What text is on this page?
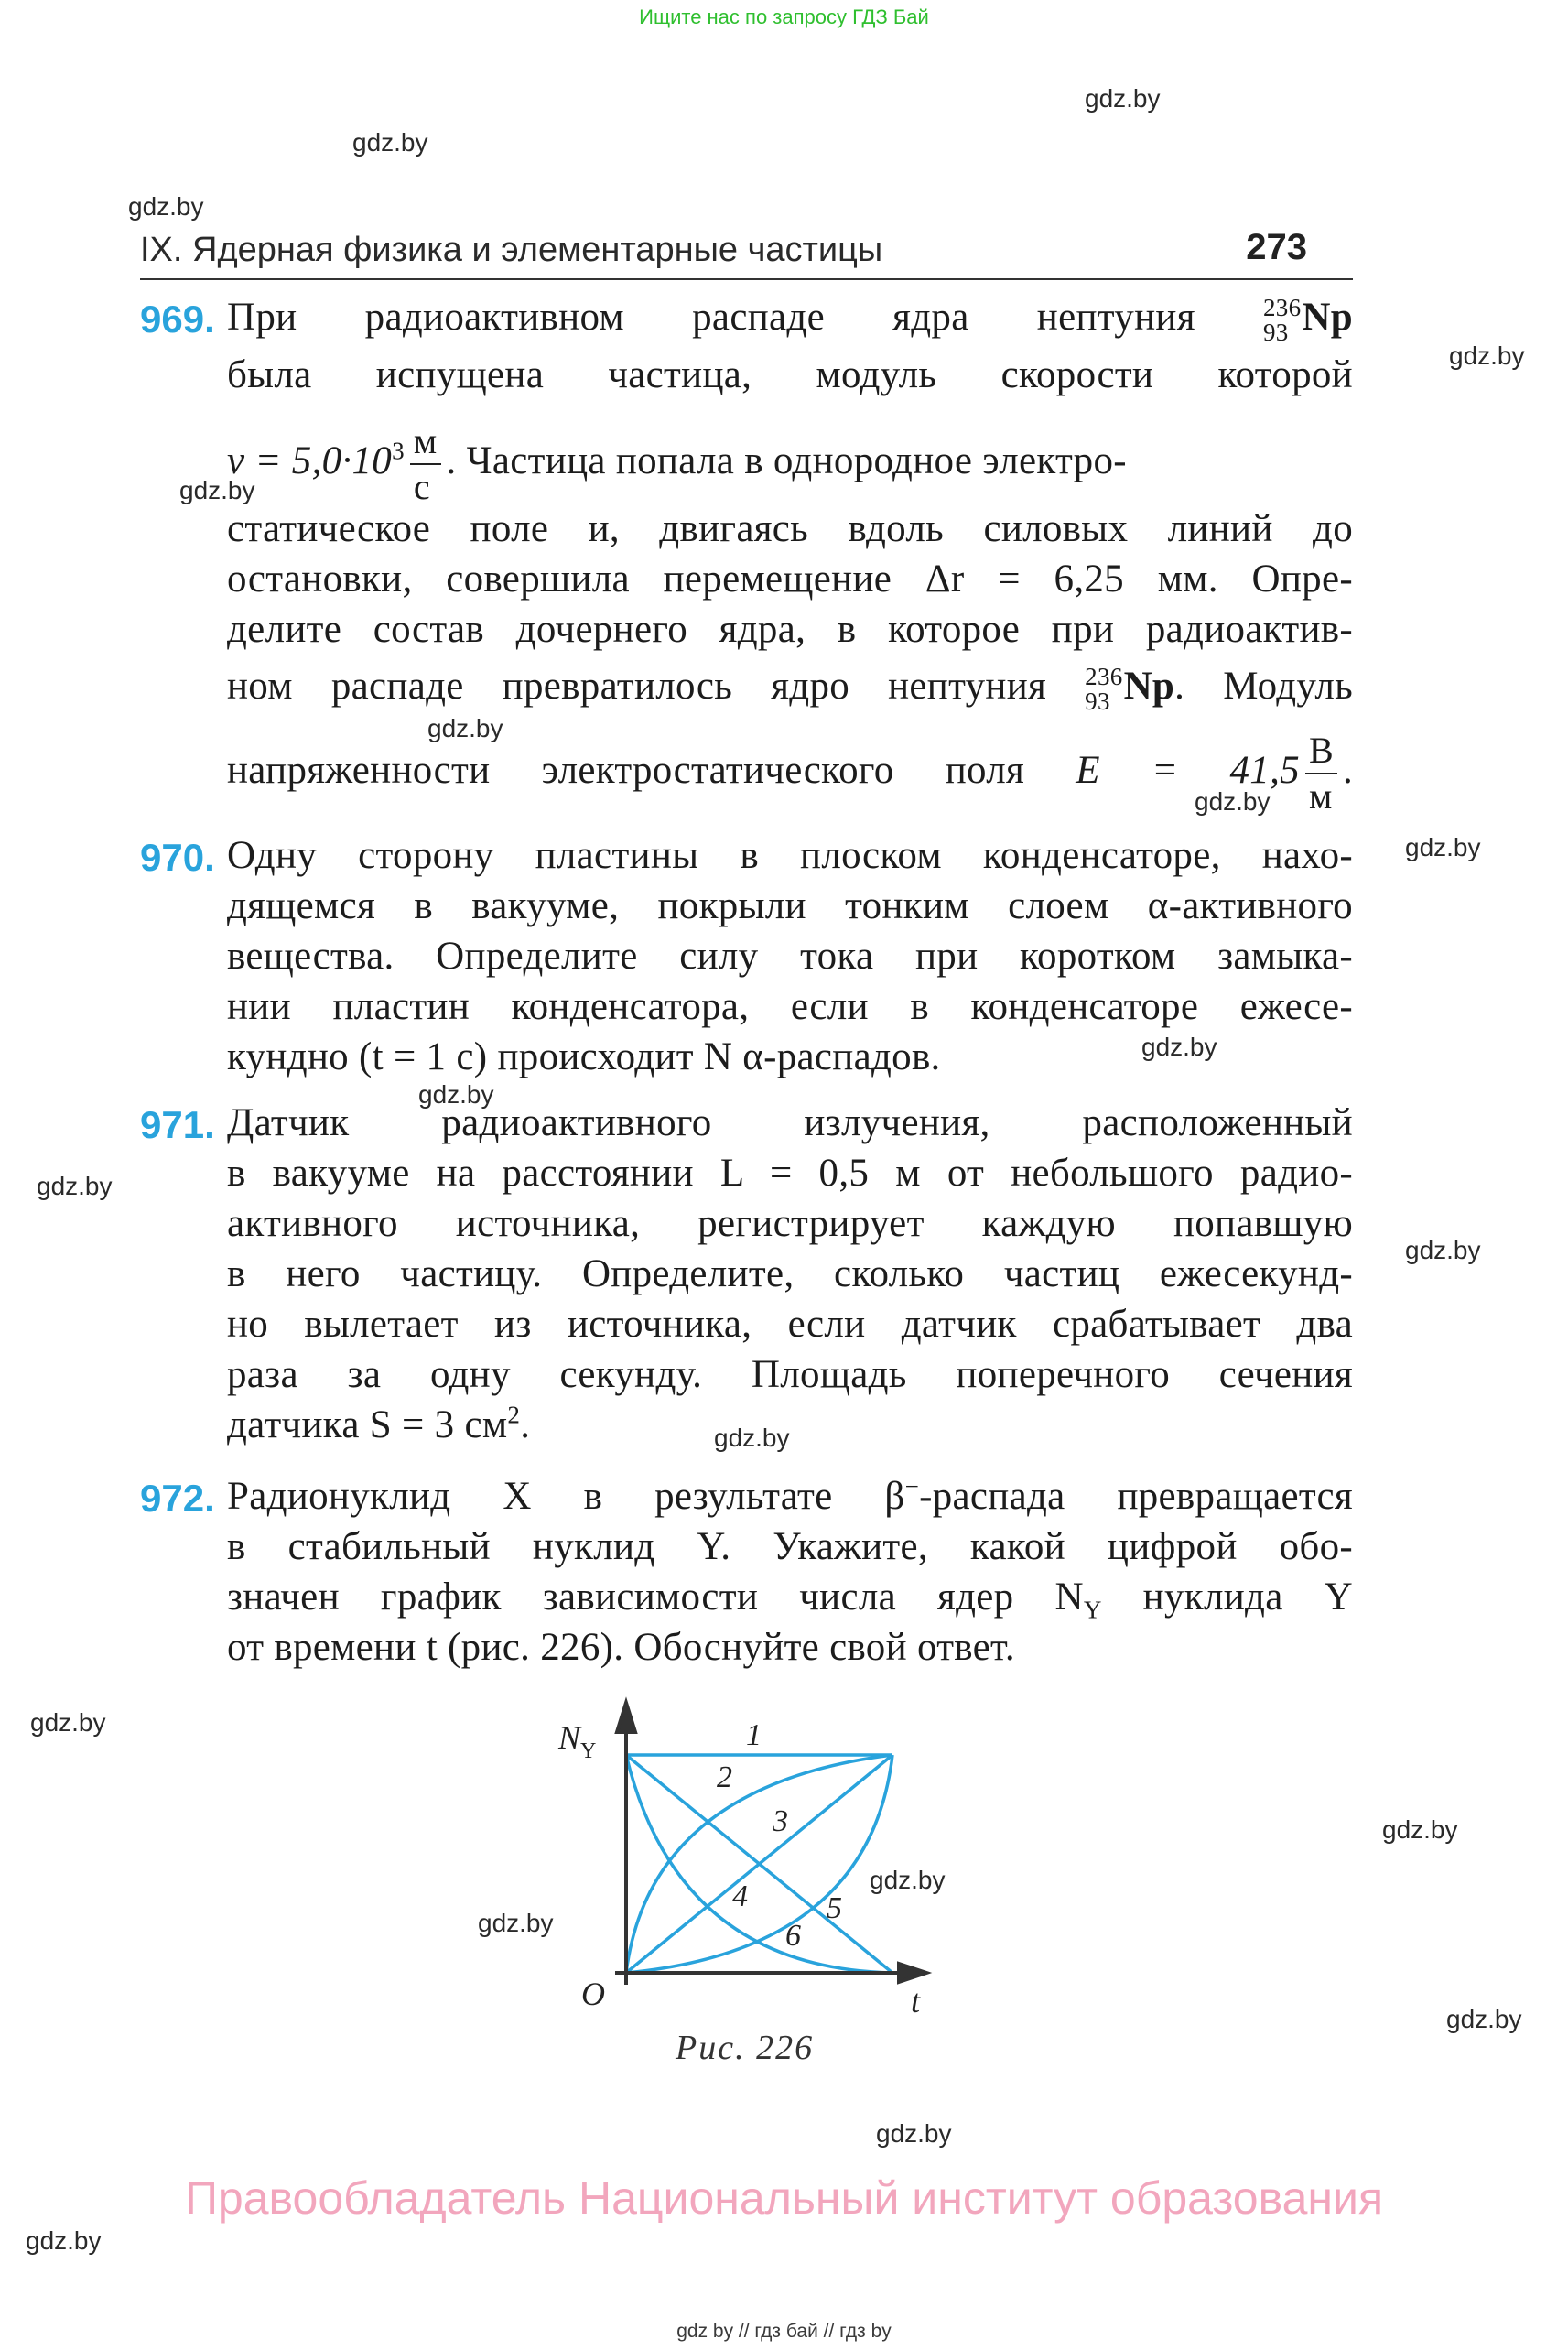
Ищите нас по запросу ГДЗ Бай
gdz.by
gdz.by
gdz.by
gdz.by
gdz.by
gdz.by
gdz.by
gdz.by
gdz.by
gdz.by
gdz.by
gdz.by
gdz.by
gdz.by
gdz.by
gdz.by
gdz.by
gdz.by
gdz.by
gdz.by
IX. Ядерная физика и элементарные частицы	273
969. При радиоактивном распаде ядра нептуния	236
93 Np
была испущена частица, модуль скорости которой
$v = 5,0\cdot 10^3 \frac{м}{с}$ . Частица попала в однородное электро-
статическое поле и, двигаясь вдоль силовых линий до
остановки, совершила перемещение Δr = 6,25 мм. Опре-
делите состав дочернего ядра, в которое при радиоактив-
ном распаде превратилось ядро нептуния 236
93 Np. Модуль
напряженности электростатического поля $E = 41,5 \frac{В}{м}$ .
970. Одну сторону пластины в плоском конденсаторе, нахо-
дящемся в вакууме, покрыли тонким слоем α-активного
вещества. Определите силу тока при коротком замыка-
нии пластин конденсатора, если в конденсаторе ежесе-
кундно (t = 1 с) происходит N α-распадов.
971. Датчик радиоактивного излучения, расположенный
в вакууме на расстоянии L = 0,5 м от небольшого радио-
активного источника, регистрирует каждую попавшую
в него частицу. Определите, сколько частиц ежесекунд-
но вылетает из источника, если датчик срабатывает два
раза за одну секунду. Площадь поперечного сечения
датчика S = 3 $см^2$.
972. Радионуклид X в результате β−-распада превращается
в стабильный нуклид Y. Укажите, какой цифрой обо-
значен график зависимости числа ядер $N_Y$ нуклида Y
от времени t (рис. 226). Обоснуйте свой ответ.
$N_Y$
t
O
1
2
3
4	5
6
Рис. 226
Правообладатель Национальный институт образования
gdz by // гдз бай // гдз by
